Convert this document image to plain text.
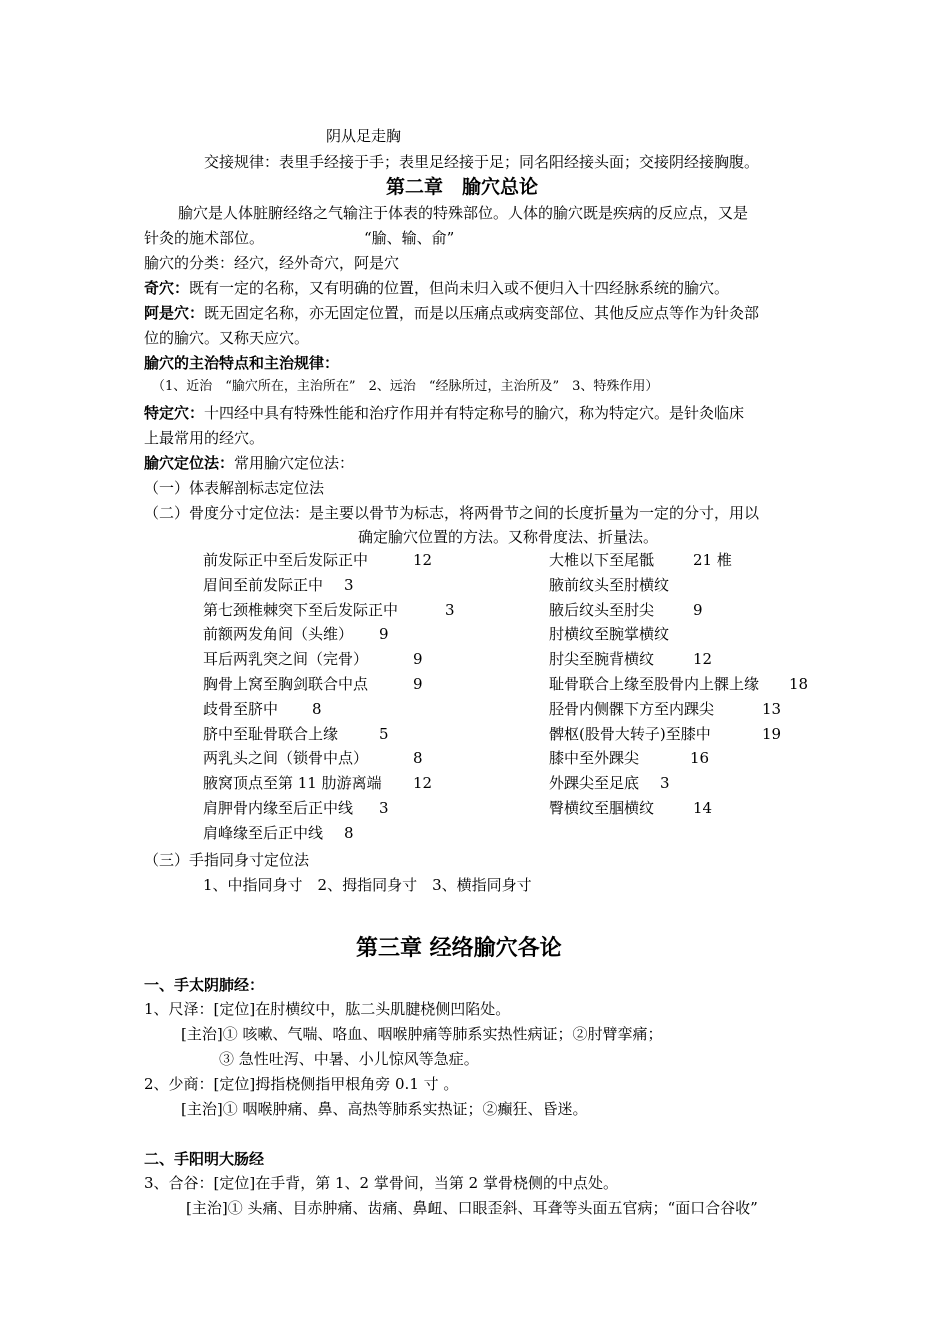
阴从足走胸
交接规律：表里手经接于手；表里足经接于足；同名阳经接头面；交接阴经接胸腹。
第二章　腧穴总论
腧穴是人体脏腑经络之气输注于体表的特殊部位。人体的腧穴既是疾病的反应点，又是
针灸的施术部位。	“腧、输、俞”
腧穴的分类：经穴，经外奇穴，阿是穴
奇穴：既有一定的名称，又有明确的位置，但尚未归入或不便归入十四经脉系统的腧穴。
阿是穴：既无固定名称，亦无固定位置，而是以压痛点或病变部位、其他反应点等作为针灸部
位的腧穴。又称天应穴。
腧穴的主治特点和主治规律：
（1、近治　“腧穴所在，主治所在”　2、远治　“经脉所过，主治所及”　3、特殊作用）
特定穴：十四经中具有特殊性能和治疗作用并有特定称号的腧穴，称为特定穴。是针灸临床
上最常用的经穴。
腧穴定位法：常用腧穴定位法：
（一）体表解剖标志定位法
（二）骨度分寸定位法：是主要以骨节为标志，将两骨节之间的长度折量为一定的分寸，用以
确定腧穴位置的方法。又称骨度法、折量法。
前发际正中至后发际正中	12
眉间至前发际正中 3
第七颈椎棘突下至后发际正中	3
前额两发角间（头维） 9
耳后两乳突之间（完骨）	9
胸骨上窝至胸剑联合中点	9
歧骨至脐中 8
脐中至耻骨联合上缘	5
两乳头之间（锁骨中点）	8
腋窝顶点至第 11 肋游离端 12
肩胛骨内缘至后正中线 3
肩峰缘至后正中线 8
大椎以下至尾骶	21 椎
腋前纹头至肘横纹
腋后纹头至肘尖	9
肘横纹至腕掌横纹
肘尖至腕背横纹	12
耻骨联合上缘至股骨内上髁上缘 18
胫骨内侧髁下方至内踝尖	13
髀枢(股骨大转子)至膝中	19
膝中至外踝尖	16
外踝尖至足底 3
臀横纹至腘横纹	14
（三）手指同身寸定位法
1、中指同身寸　2、拇指同身寸　3、横指同身寸
第三章 经络腧穴各论
一、手太阴肺经：
1、尺泽：[定位]在肘横纹中，肱二头肌腱桡侧凹陷处。
[主治]① 咳嗽、气喘、咯血、咽喉肿痛等肺系实热性病证；②肘臂挛痛；
③ 急性吐泻、中暑、小儿惊风等急症。
2、少商：[定位]拇指桡侧指甲根角旁 0.1 寸 。
[主治]① 咽喉肿痛、鼻、高热等肺系实热证；②癫狂、昏迷。
二、手阳明大肠经
3、合谷：[定位]在手背，第 1、2 掌骨间，当第 2 掌骨桡侧的中点处。
[主治]① 头痛、目赤肿痛、齿痛、鼻衄、口眼歪斜、耳聋等头面五官病；“面口合谷收”
